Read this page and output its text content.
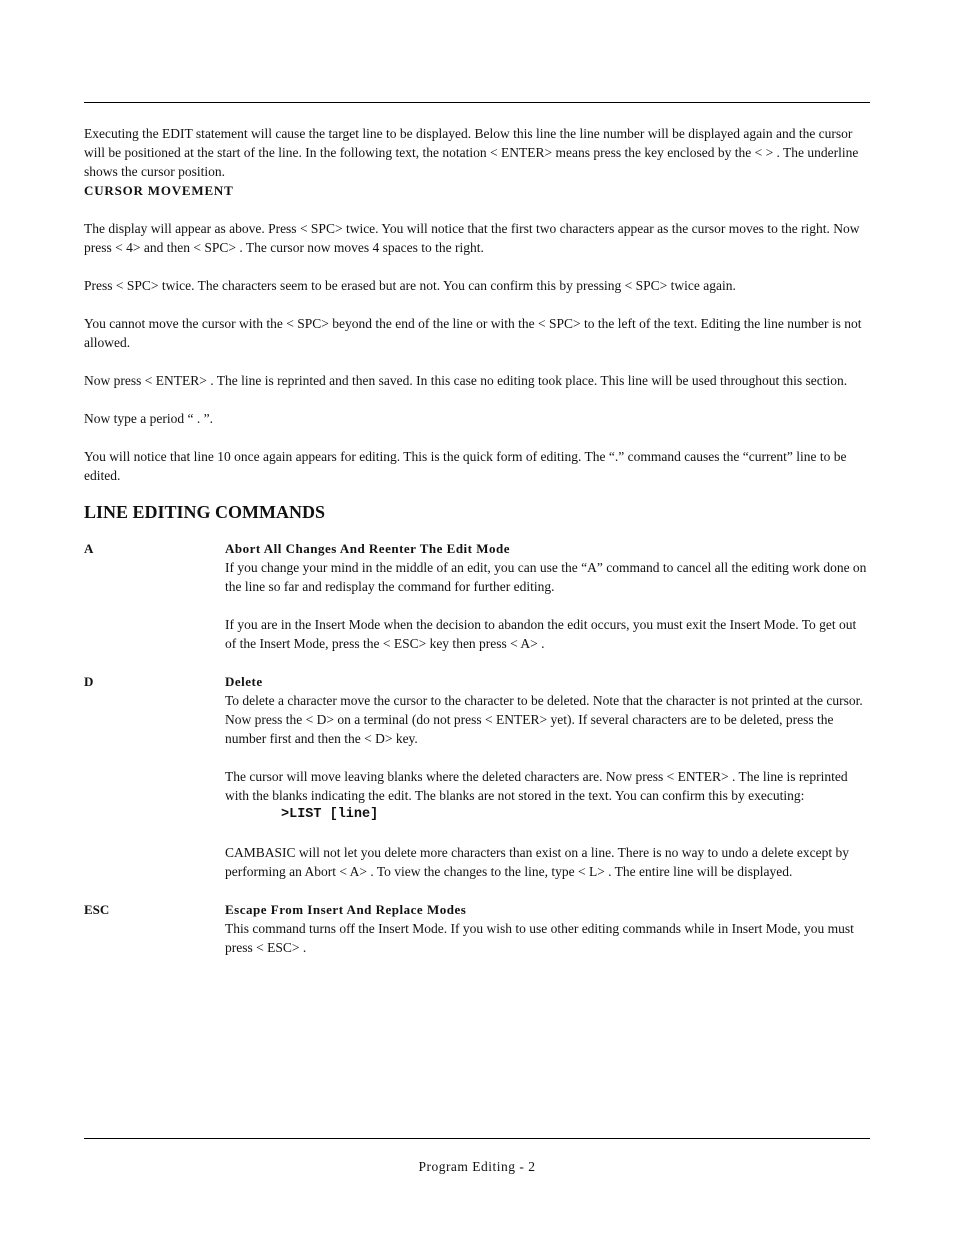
Executing the EDIT statement will cause the target line to be displayed. Below this line the line number will be displayed again and the cursor will be positioned at the start of the line. In the following text, the notation < ENTER> means press the key enclosed by the < > . The underline shows the cursor position.

CURSOR MOVEMENT

The display will appear as above. Press < SPC> twice. You will notice that the first two characters appear as the cursor moves to the right. Now press < 4> and then < SPC> . The cursor now moves 4 spaces to the right.

Press < SPC> twice. The characters seem to be erased but are not. You can confirm this by pressing < SPC> twice again.

You cannot move the cursor with the < SPC> beyond the end of the line or with the < SPC> to the left of the text. Editing the line number is not allowed.

Now press < ENTER> . The line is reprinted and then saved. In this case no editing took place. This line will be used throughout this section.

Now type a period “ . ”.

You will notice that line 10 once again appears for editing. This is the quick form of editing. The “.” command causes the “current” line to be edited.

LINE EDITING COMMANDS

A	Abort All Changes And Reenter The Edit Mode

If you change your mind in the middle of an edit, you can use the “A” command to cancel all the editing work done on the line so far and redisplay the command for further editing.

If you are in the Insert Mode when the decision to abandon the edit occurs, you must exit the Insert Mode. To get out of the Insert Mode, press the < ESC> key then press < A> .

D	Delete

To delete a character move the cursor to the character to be deleted. Note that the character is not printed at the cursor. Now press the < D> on a terminal (do not press < ENTER> yet). If several characters are to be deleted, press the number first and then the < D> key.

The cursor will move leaving blanks where the deleted characters are. Now press < ENTER> . The line is reprinted with the blanks indicating the edit. The blanks are not stored in the text. You can confirm this by executing:

>LIST [line]

CAMBASIC will not let you delete more characters than exist on a line. There is no way to undo a delete except by performing an Abort < A> . To view the changes to the line, type < L> . The entire line will be displayed.

ESC	Escape From Insert And Replace Modes

This command turns off the Insert Mode. If you wish to use other editing commands while in Insert Mode, you must press < ESC> .

Program Editing - 2
